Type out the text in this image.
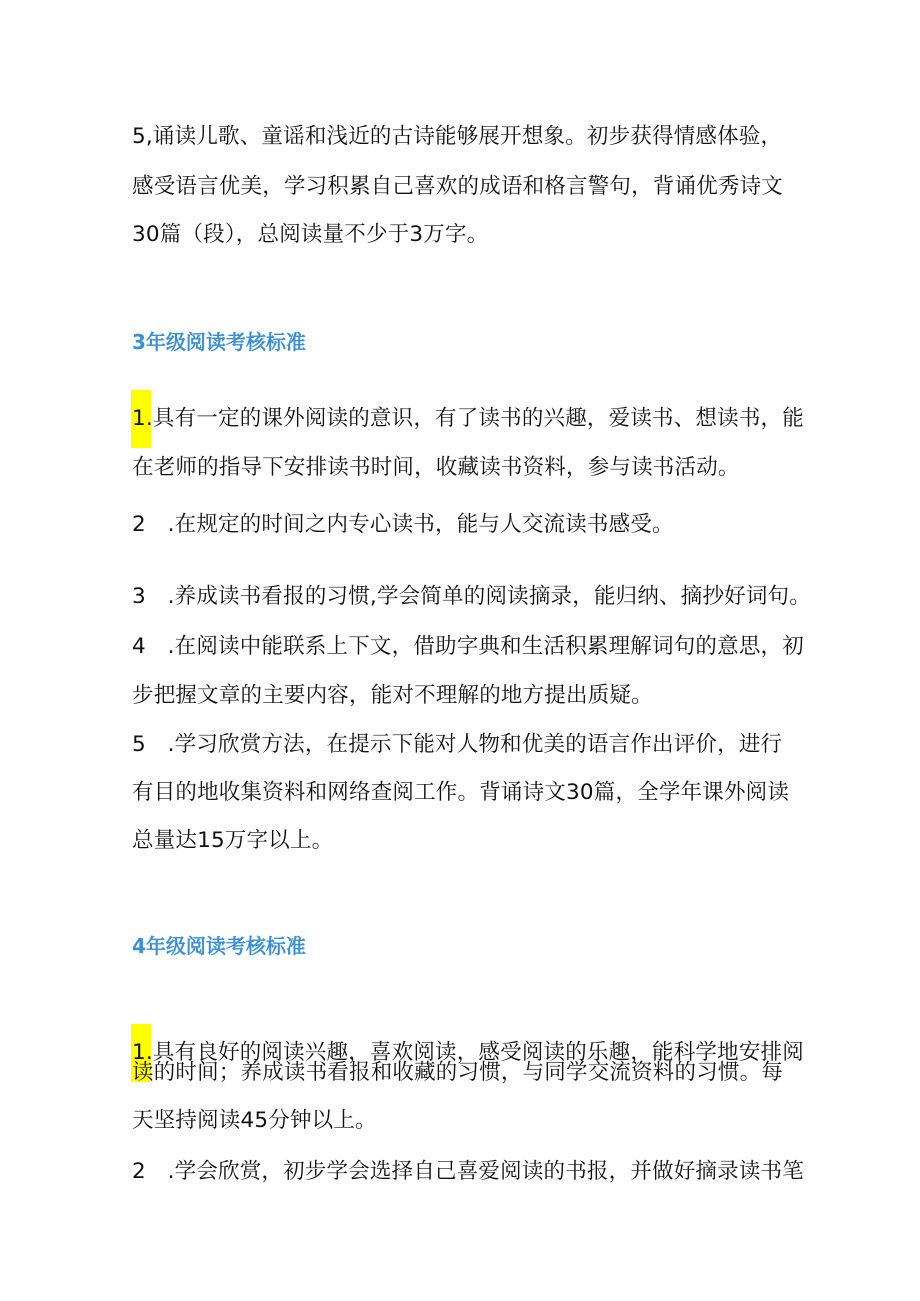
5,诵读儿歌、童谣和浅近的古诗能够展开想象。初步获得情感体验，
感受语言优美，学习积累自己喜欢的成语和格言警句，背诵优秀诗文
30篇（段），总阅读量不少于3万字。
3年级阅读考核标准
1.具有一定的课外阅读的意识，有了读书的兴趣，爱读书、想读书，能
在老师的指导下安排读书时间，收藏读书资料，参与读书活动。
2　.在规定的时间之内专心读书，能与人交流读书感受。
3　.养成读书看报的习惯,学会简单的阅读摘录，能归纳、摘抄好词句。
4　.在阅读中能联系上下文，借助字典和生活积累理解词句的意思，初
步把握文章的主要内容，能对不理解的地方提出质疑。
5　.学习欣赏方法，在提示下能对人物和优美的语言作出评价，进行
有目的地收集资料和网络查阅工作。背诵诗文30篇，全学年课外阅读
总量达15万字以上。
4年级阅读考核标准
1.具有良好的阅读兴趣，喜欢阅读，感受阅读的乐趣，能科学地安排阅
读的时间；养成读书看报和收藏的习惯，与同学交流资料的习惯。每
天坚持阅读45分钟以上。
2　.学会欣赏，初步学会选择自己喜爱阅读的书报，并做好摘录读书笔
